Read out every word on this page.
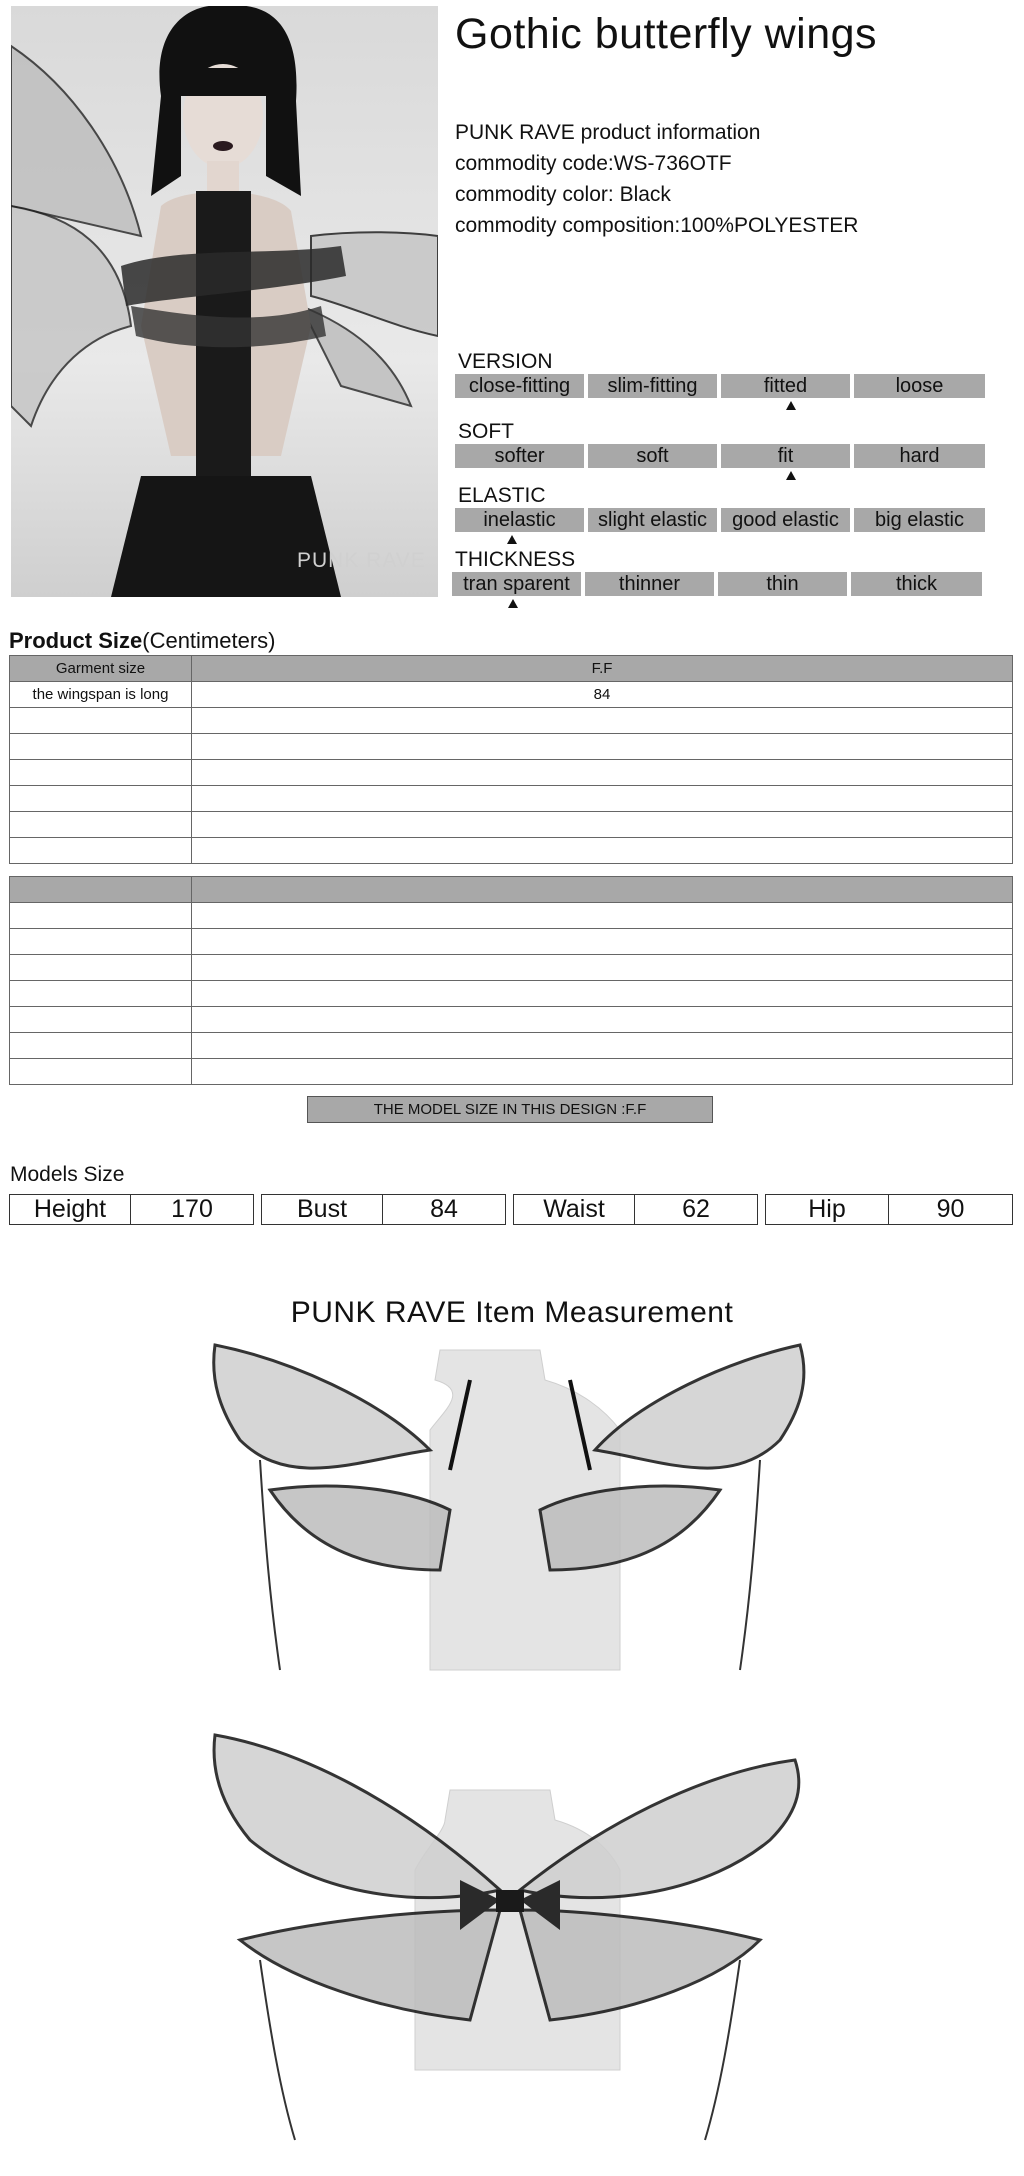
PUNK RAVE
Gothic butterfly wings
PUNK RAVE product information
commodity code:WS-736OTF
commodity color: Black
commodity composition:100%POLYESTER
VERSION
close-fitting	slim-fitting	fitted	loose
SOFT
softer	soft	fit	hard
ELASTIC
inelastic	slight elastic	good elastic	big elastic
THICKNESS
tran sparent	thinner	thin	thick
Product Size(Centimeters)
Garment size	F.F
the wingspan is long	84

THE MODEL SIZE IN THIS DESIGN :F.F
Models Size
Height	170	Bust	84	Waist	62	Hip	90
PUNK RAVE Item Measurement
